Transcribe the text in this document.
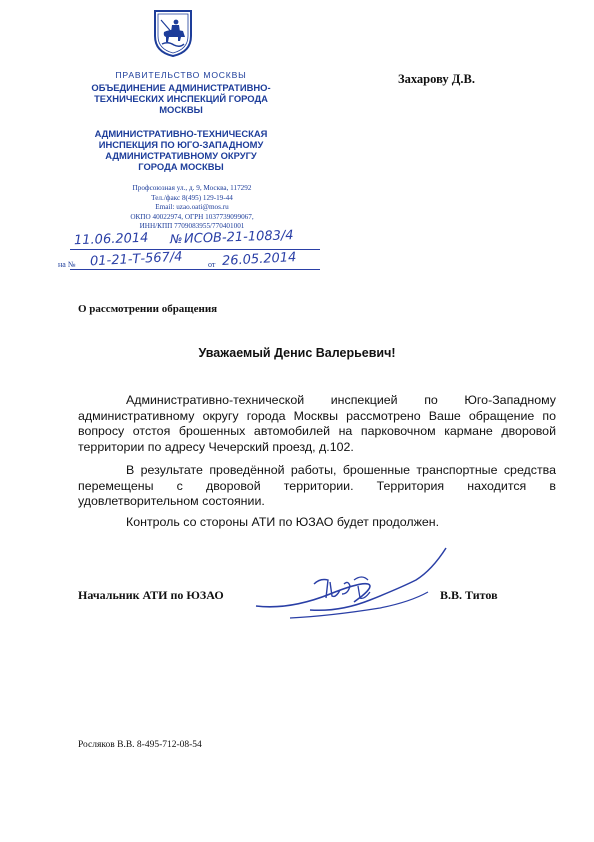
ПРАВИТЕЛЬСТВО МОСКВЫ
ОБЪЕДИНЕНИЕ АДМИНИСТРАТИВНО-
ТЕХНИЧЕСКИХ ИНСПЕКЦИЙ ГОРОДА
МОСКВЫ
АДМИНИСТРАТИВНО-ТЕХНИЧЕСКАЯ
ИНСПЕКЦИЯ ПО ЮГО-ЗАПАДНОМУ
АДМИНИСТРАТИВНОМУ ОКРУГУ
ГОРОДА МОСКВЫ
Профсоюзная ул., д. 9, Москва, 117292
Тел./факс 8(495) 129-19-44
Email: uzao.oati@mos.ru
ОКПО 40022974, ОГРН 1037739099067,
ИНН/КПП 7709083955/770401001
11.06.2014 № ИСОВ-21-1083/4
на № 01-21-Т-567/4	от 26.05.2014
Захарову Д.В.
О рассмотрении обращения
Уважаемый Денис Валерьевич!
Административно-технической инспекцией по Юго-Западному
административному округу города Москвы рассмотрено Ваше обращение по
вопросу отстоя брошенных автомобилей на парковочном кармане дворовой
территории по адресу Чечерский проезд, д.102.
В результате проведённой работы, брошенные транспортные средства
перемещены с дворовой территории. Территория находится в
удовлетворительном состоянии.
Контроль со стороны АТИ по ЮЗАО будет продолжен.
Начальник АТИ по ЮЗАО	В.В. Титов
Росляков В.В. 8-495-712-08-54
